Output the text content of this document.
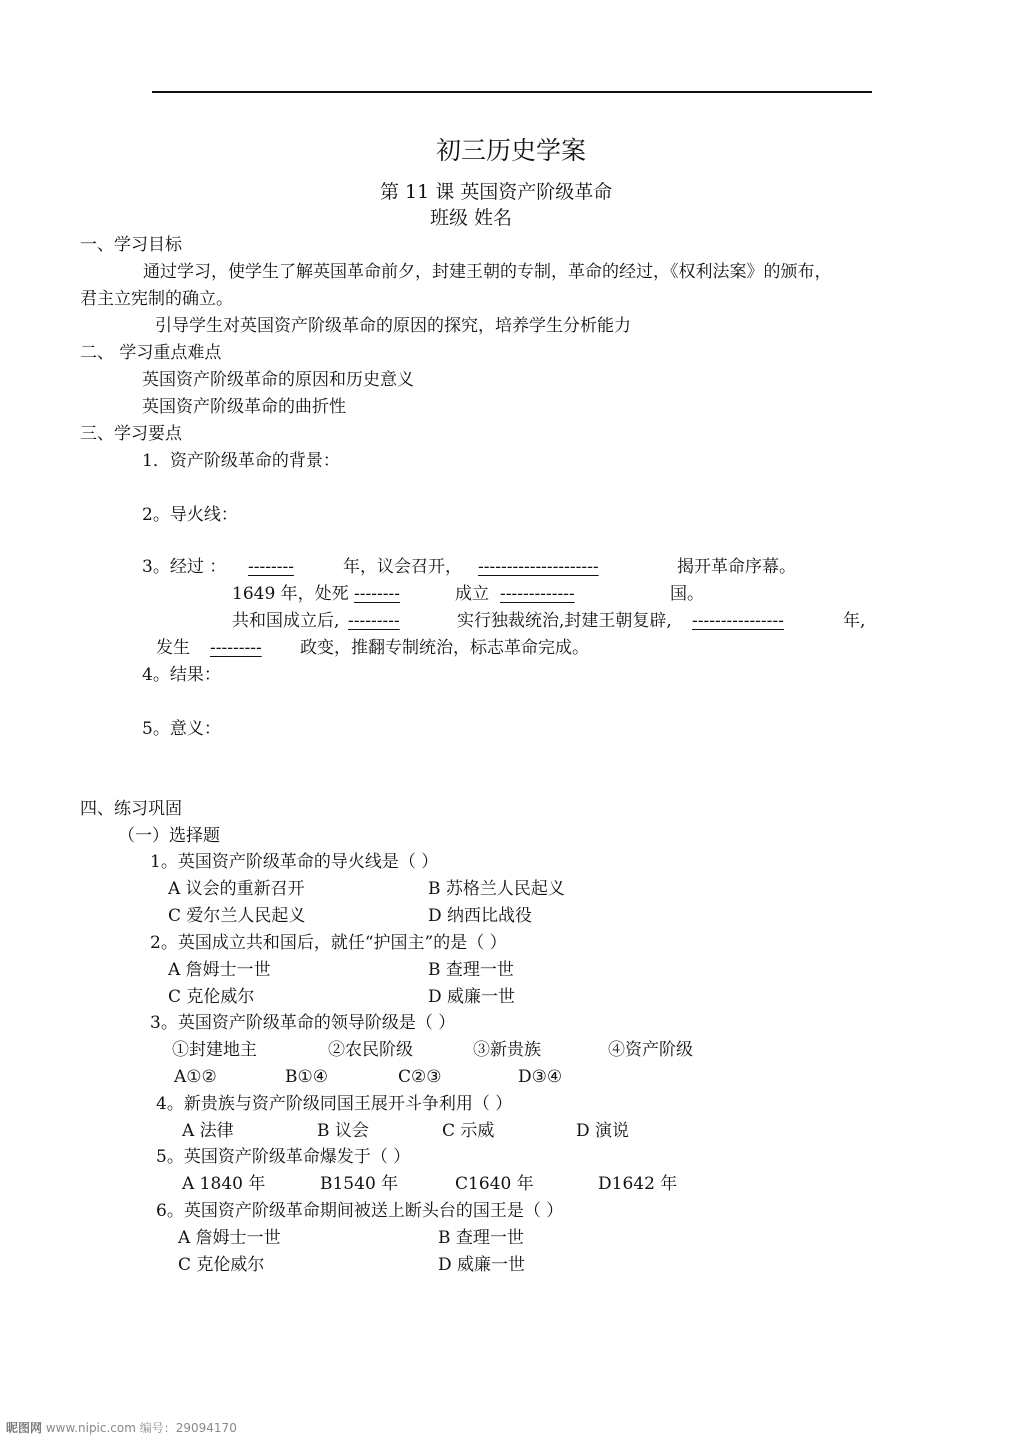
初三历史学案
第 11 课 英国资产阶级革命
班级 姓名
一、学习目标
通过学习，使学生了解英国革命前夕，封建王朝的专制，革命的经过，《权利法案》的颁布，
君主立宪制的确立。
引导学生对英国资产阶级革命的原因的探究，培养学生分析能力
二、 学习重点难点
英国资产阶级革命的原因和历史意义
英国资产阶级革命的曲折性
三、学习要点
1．资产阶级革命的背景：
2。导火线：
3。经过 ： --------	年，议会召开， ---------------------	揭开革命序幕。
1649 年，处死 --------	成立 -------------	国。
共和国成立后, ---------	实行独裁统治,封建王朝复辟, ----------------	年,
发生 --------- 政变，推翻专制统治，标志革命完成。
4。结果：
5。意义：
四、练习巩固
（一）选择题
1。英国资产阶级革命的导火线是（ ）
A 议会的重新召开	B 苏格兰人民起义
C 爱尔兰人民起义	D 纳西比战役
2。英国成立共和国后，就任“护国主”的是（ ）
A 詹姆士一世	B 查理一世
C 克伦威尔	D 威廉一世
3。英国资产阶级革命的领导阶级是（ ）
①封建地主	②农民阶级	③新贵族	④资产阶级
A①②	B①④	C②③	D③④
4。新贵族与资产阶级同国王展开斗争利用（ ）
A 法律	B 议会	C 示威	D 演说
5。英国资产阶级革命爆发于（ ）
A 1840 年	B1540 年	C1640 年	D1642 年
6。英国资产阶级革命期间被送上断头台的国王是（ ）
A 詹姆士一世	B 查理一世
C 克伦威尔	D 威廉一世
昵图网 www.nipic.com 编号：29094170
